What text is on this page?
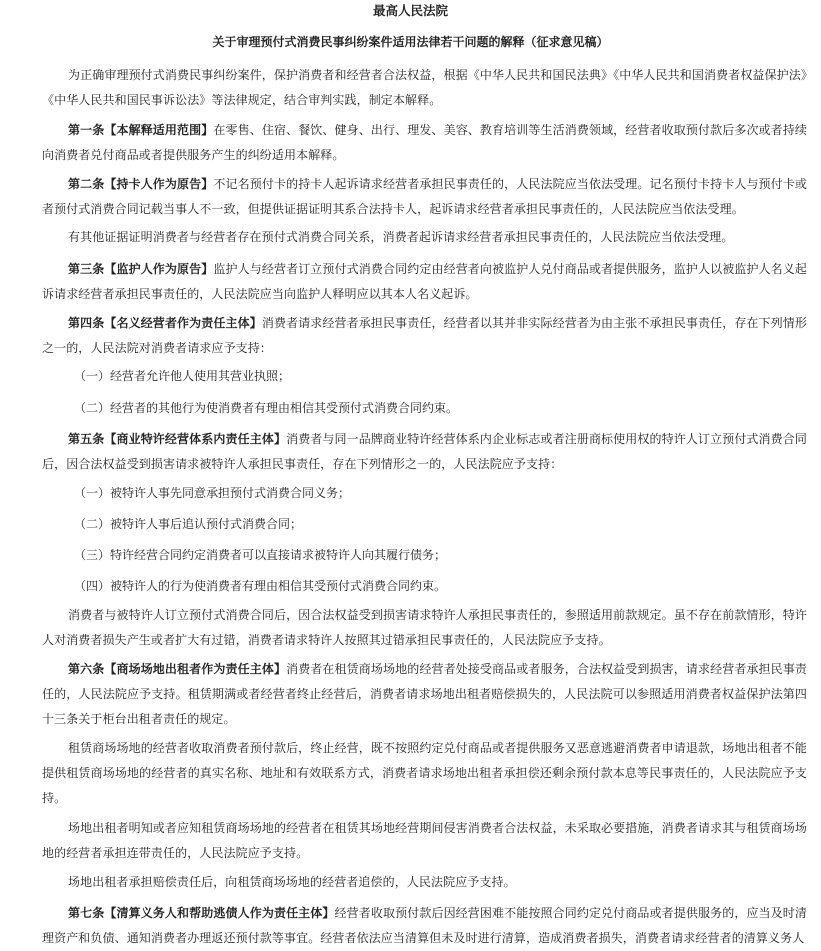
最高人民法院
关于审理预付式消费民事纠纷案件适用法律若干问题的解释（征求意见稿）

为正确审理预付式消费民事纠纷案件，保护消费者和经营者合法权益，根据《中华人民共和国民法典》《中华人民共和国消费者权益保护法》《中华人民共和国民事诉讼法》等法律规定，结合审判实践，制定本解释。

第一条【本解释适用范围】在零售、住宿、餐饮、健身、出行、理发、美容、教育培训等生活消费领域，经营者收取预付款后多次或者持续向消费者兑付商品或者提供服务产生的纠纷适用本解释。

第二条【持卡人作为原告】不记名预付卡的持卡人起诉请求经营者承担民事责任的，人民法院应当依法受理。记名预付卡持卡人与预付卡或者预付式消费合同记载当事人不一致，但提供证据证明其系合法持卡人，起诉请求经营者承担民事责任的，人民法院应当依法受理。

有其他证据证明消费者与经营者存在预付式消费合同关系，消费者起诉请求经营者承担民事责任的，人民法院应当依法受理。

第三条【监护人作为原告】监护人与经营者订立预付式消费合同约定由经营者向被监护人兑付商品或者提供服务，监护人以被监护人名义起诉请求经营者承担民事责任的，人民法院应当向监护人释明应以其本人名义起诉。

第四条【名义经营者作为责任主体】消费者请求经营者承担民事责任，经营者以其并非实际经营者为由主张不承担民事责任，存在下列情形之一的，人民法院对消费者请求应予支持：

（一）经营者允许他人使用其营业执照；
（二）经营者的其他行为使消费者有理由相信其受预付式消费合同约束。

第五条【商业特许经营体系内责任主体】消费者与同一品牌商业特许经营体系内企业标志或者注册商标使用权的特许人订立预付式消费合同后，因合法权益受到损害请求被特许人承担民事责任，存在下列情形之一的，人民法院应予支持：

（一）被特许人事先同意承担预付式消费合同义务；
（二）被特许人事后追认预付式消费合同；
（三）特许经营合同约定消费者可以直接请求被特许人向其履行债务；
（四）被特许人的行为使消费者有理由相信其受预付式消费合同约束。

消费者与被特许人订立预付式消费合同后，因合法权益受到损害请求特许人承担民事责任的，参照适用前款规定。虽不存在前款情形，特许人对消费者损失产生或者扩大有过错，消费者请求特许人按照其过错承担民事责任的，人民法院应予支持。

第六条【商场场地出租者作为责任主体】消费者在租赁商场场地的经营者处接受商品或者服务，合法权益受到损害，请求经营者承担民事责任的，人民法院应予支持。租赁期满或者经营者终止经营后，消费者请求场地出租者赔偿损失的，人民法院可以参照适用消费者权益保护法第四十三条关于柜台出租者责任的规定。

租赁商场场地的经营者收取消费者预付款后，终止经营，既不按照约定兑付商品或者提供服务又恶意逃避消费者申请退款，场地出租者不能提供租赁商场场地的经营者的真实名称、地址和有效联系方式，消费者请求场地出租者承担偿还剩余预付款本息等民事责任的，人民法院应予支持。

场地出租者明知或者应知租赁商场场地的经营者在租赁其场地经营期间侵害消费者合法权益，未采取必要措施，消费者请求其与租赁商场场地的经营者承担连带责任的，人民法院应予支持。

场地出租者承担赔偿责任后，向租赁商场场地的经营者追偿的，人民法院应予支持。

第七条【清算义务人和帮助逃债人作为责任主体】经营者收取预付款后因经营困难不能按照合同约定兑付商品或者提供服务的，应当及时清理资产和负债、通知消费者办理返还预付款等事宜。经营者依法应当清算但未及时进行清算，造成消费者损失，消费者请求经营者的清算义务人
